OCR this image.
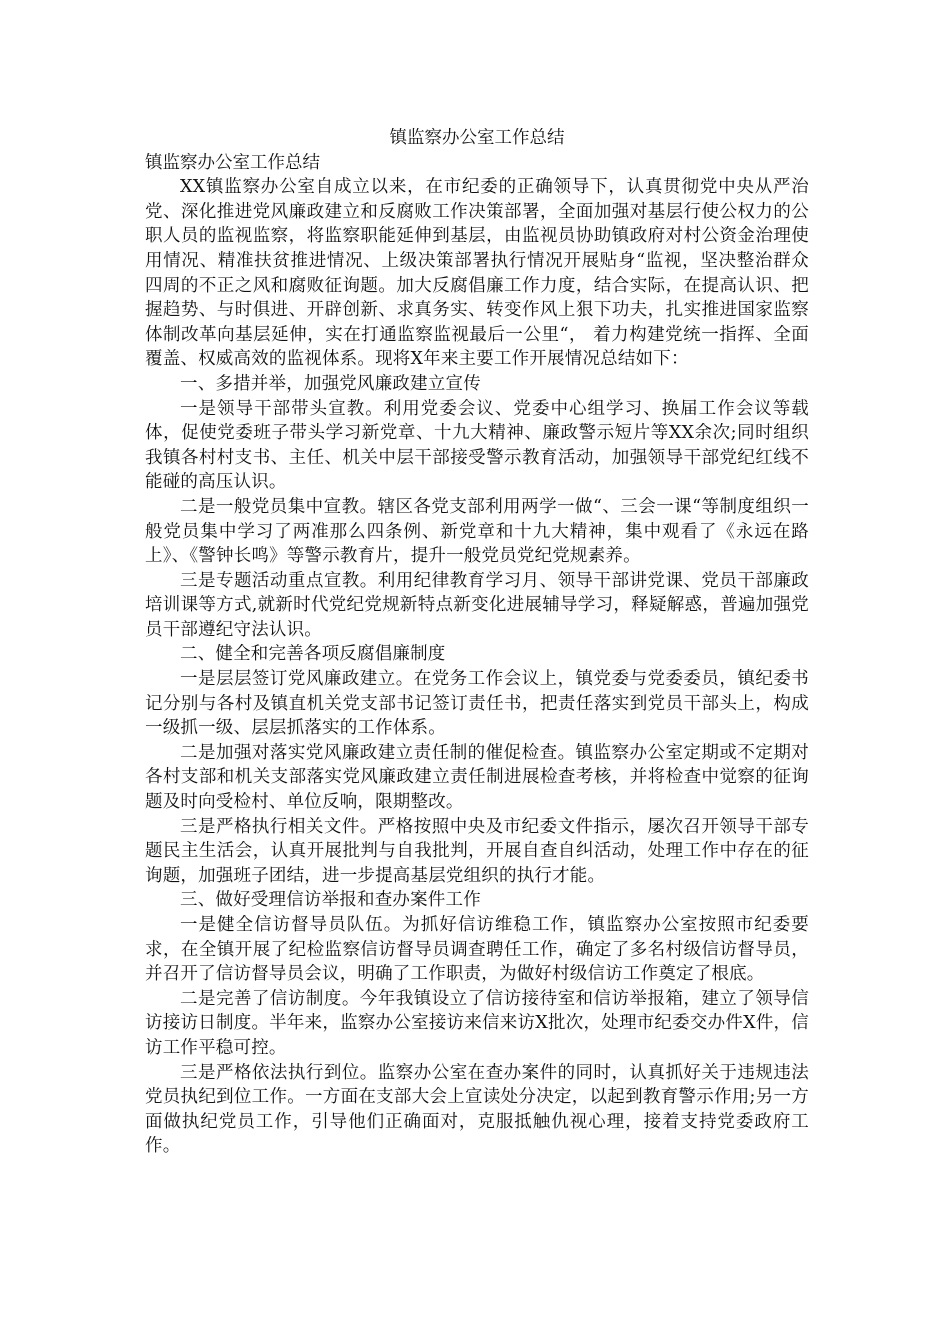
镇监察办公室工作总结

镇监察办公室工作总结

XX镇监察办公室自成立以来，在市纪委的正确领导下，认真贯彻党中央从严治党、深化推进党风廉政建立和反腐败工作决策部署，全面加强对基层行使公权力的公职人员的监视监察，将监察职能延伸到基层，由监视员协助镇政府对村公资金治理使用情况、精准扶贫推进情况、上级决策部署执行情况开展贴身“监视，坚决整治群众四周的不正之风和腐败征询题。加大反腐倡廉工作力度，结合实际，在提高认识、把握趋势、与时俱进、开辟创新、求真务实、转变作风上狠下功夫，扎实推进国家监察体制改革向基层延伸，实在打通监察监视最后一公里“， 着力构建党统一指挥、全面覆盖、权威高效的监视体系。现将X年来主要工作开展情况总结如下：

一、多措并举，加强党风廉政建立宣传

一是领导干部带头宣教。利用党委会议、党委中心组学习、换届工作会议等载体，促使党委班子带头学习新党章、十九大精神、廉政警示短片等XX余次;同时组织我镇各村村支书、主任、机关中层干部接受警示教育活动，加强领导干部党纪红线不能碰的高压认识。

二是一般党员集中宣教。辖区各党支部利用两学一做“、三会一课“等制度组织一般党员集中学习了两准那么四条例、新党章和十九大精神，集中观看了《永远在路上》、《警钟长鸣》等警示教育片，提升一般党员党纪党规素养。

三是专题活动重点宣教。利用纪律教育学习月、领导干部讲党课、党员干部廉政培训课等方式,就新时代党纪党规新特点新变化进展辅导学习，释疑解惑，普遍加强党员干部遵纪守法认识。

二、健全和完善各项反腐倡廉制度

一是层层签订党风廉政建立。在党务工作会议上，镇党委与党委委员，镇纪委书记分别与各村及镇直机关党支部书记签订责任书，把责任落实到党员干部头上，构成一级抓一级、层层抓落实的工作体系。

二是加强对落实党风廉政建立责任制的催促检查。镇监察办公室定期或不定期对各村支部和机关支部落实党风廉政建立责任制进展检查考核，并将检查中觉察的征询题及时向受检村、单位反响，限期整改。

三是严格执行相关文件。严格按照中央及市纪委文件指示，屡次召开领导干部专题民主生活会，认真开展批判与自我批判，开展自查自纠活动，处理工作中存在的征询题，加强班子团结，进一步提高基层党组织的执行才能。

三、做好受理信访举报和查办案件工作

一是健全信访督导员队伍。为抓好信访维稳工作，镇监察办公室按照市纪委要求，在全镇开展了纪检监察信访督导员调查聘任工作，确定了多名村级信访督导员，并召开了信访督导员会议，明确了工作职责，为做好村级信访工作奠定了根底。

二是完善了信访制度。今年我镇设立了信访接待室和信访举报箱，建立了领导信访接访日制度。半年来，监察办公室接访来信来访X批次，处理市纪委交办件X件，信访工作平稳可控。

三是严格依法执行到位。监察办公室在查办案件的同时，认真抓好关于违规违法党员执纪到位工作。一方面在支部大会上宣读处分决定，以起到教育警示作用;另一方面做执纪党员工作，引导他们正确面对，克服抵触仇视心理，接着支持党委政府工作。
